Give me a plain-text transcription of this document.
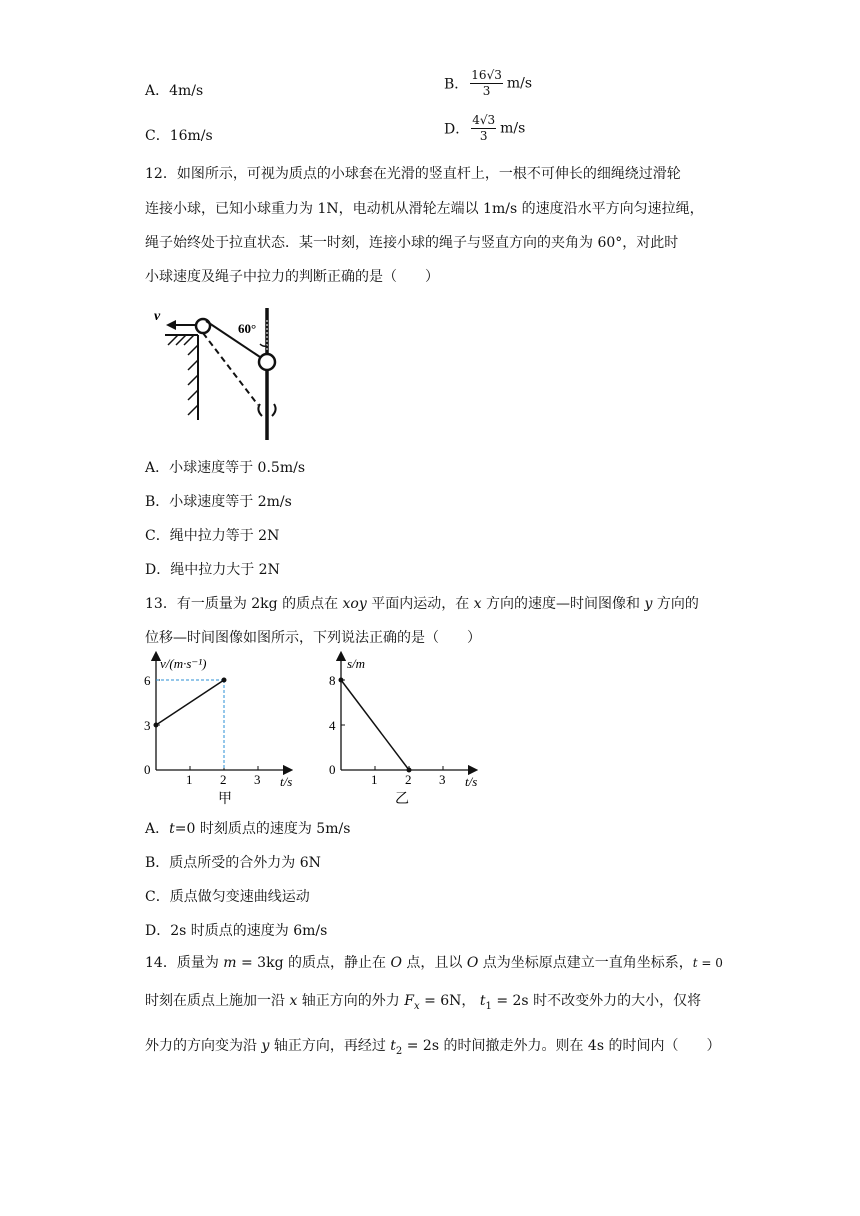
A．4m/s	B． $\frac{16√3}{3} m/s$
C．16m/s	D． $\frac{4√3}{3} m/s$
12．如图所示，可视为质点的小球套在光滑的竖直杆上，一根不可伸长的细绳绕过滑轮
连接小球，已知小球重力为 1N，电动机从滑轮左端以 1m/s 的速度沿水平方向匀速拉绳，
绳子始终处于拉直状态．某一时刻，连接小球的绳子与竖直方向的夹角为 60°，对此时
小球速度及绳子中拉力的判断正确的是（　　）
v
60°
A．小球速度等于 0.5m/s
B．小球速度等于 2m/s
C．绳中拉力等于 2N
D．绳中拉力大于 2N
13．有一质量为 2kg 的质点在 xoy 平面内运动，在 x 方向的速度—时间图像和 y 方向的
位移—时间图像如图所示，下列说法正确的是（　　）
v/(m·s⁻¹)
t/s
甲
0
1 2 3
3
6
s/m
t/s
乙
0
1 2 3
4
8
A．t=0 时刻质点的速度为 5m/s
B．质点所受的合外力为 6N
C．质点做匀变速曲线运动
D．2s 时质点的速度为 6m/s
14．质量为 m = 3kg 的质点，静止在 O 点，且以 O 点为坐标原点建立一直角坐标系，t = 0
时刻在质点上施加一沿 x 轴正方向的外力 $F_x = 6N$， $t_1 = 2s$ 时不改变外力的大小，仅将
外力的方向变为沿 y 轴正方向，再经过 $t_2 = 2s$ 的时间撤走外力。则在 4s 的时间内（　　）
